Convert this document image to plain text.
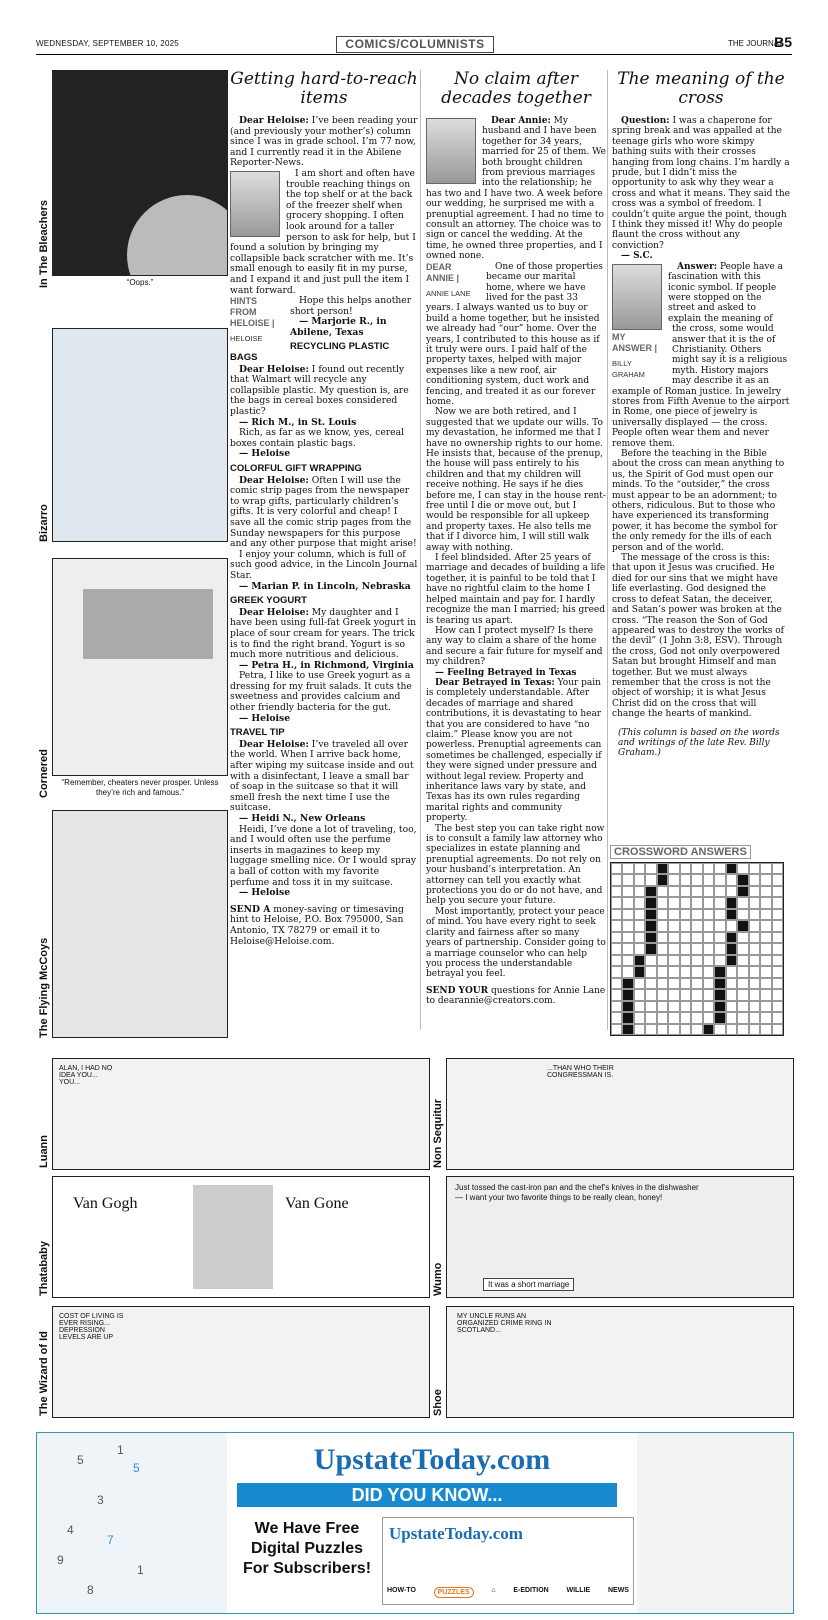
WEDNESDAY, SEPTEMBER 10, 2025	COMICS/COLUMNISTS	THE JOURNAL
B5
In The Bleachers	“Oops.”
Bizarro
Cornered	“Remember, cheaters never prosper. Unless they’re rich and famous.”
The Flying McCoys
Getting hard-to-reach items

Dear Heloise: I’ve been reading your (and previously your mother’s) column since I was in grade school. I’m 77 now, and I currently read it in the Abilene Reporter-News.

I am short and often have trouble reaching things on the top shelf or at the back of the freezer shelf when grocery shopping. I often look around for a taller person to ask for help, but I found a solution by bringing my collapsible back scratcher with me. It’s small enough to easily fit in my purse, and I expand it and just pull the item I want forward.

HINTS FROM HELOISE |
HELOISE

Hope this helps another short person!

— Marjorie R., in Abilene, Texas

RECYCLING PLASTIC BAGS

Dear Heloise: I found out recently that Walmart will recycle any collapsible plastic. My question is, are the bags in cereal boxes considered plastic?

— Rich M., in St. Louis

Rich, as far as we know, yes, cereal boxes contain plastic bags.

— Heloise

COLORFUL GIFT WRAPPING

Dear Heloise: Often I will use the comic strip pages from the newspaper to wrap gifts, particularly children’s gifts. It is very colorful and cheap! I save all the comic strip pages from the Sunday newspapers for this purpose and any other purpose that might arise!

I enjoy your column, which is full of such good advice, in the Lincoln Journal Star.

— Marian P. in Lincoln, Nebraska

GREEK YOGURT

Dear Heloise: My daughter and I have been using full-fat Greek yogurt in place of sour cream for years. The trick is to find the right brand. Yogurt is so much more nutritious and delicious.

— Petra H., in Richmond, Virginia

Petra, I like to use Greek yogurt as a dressing for my fruit salads. It cuts the sweetness and provides calcium and other friendly bacteria for the gut.

— Heloise

TRAVEL TIP

Dear Heloise: I’ve traveled all over the world. When I arrive back home, after wiping my suitcase inside and out with a disinfectant, I leave a small bar of soap in the suitcase so that it will smell fresh the next time I use the suitcase.

— Heidi N., New Orleans

Heidi, I’ve done a lot of traveling, too, and I would often use the perfume inserts in magazines to keep my luggage smelling nice. Or I would spray a ball of cotton with my favorite perfume and toss it in my suitcase.

— Heloise

SEND A money-saving or timesaving hint to Heloise, P.O. Box 795000, San Antonio, TX 78279 or email it to Heloise@Heloise.com.

No claim after decades together

Dear Annie: My husband and I have been together for 34 years, married for 25 of them. We both brought children from previous marriages into the relationship; he has two and I have two. A week before our wedding, he surprised me with a prenuptial agreement. I had no time to consult an attorney. The choice was to sign or cancel the wedding. At the time, he owned three properties, and I owned none.

DEAR ANNIE |
ANNIE LANE

One of those properties became our marital home, where we have lived for the past 33 years. I always wanted us to buy or build a home together, but he insisted we already had “our” home. Over the years, I contributed to this house as if it truly were ours. I paid half of the property taxes, helped with major expenses like a new roof, air conditioning system, duct work and fencing, and treated it as our forever home.

Now we are both retired, and I suggested that we update our wills. To my devastation, he informed me that I have no ownership rights to our home. He insists that, because of the prenup, the house will pass entirely to his children and that my children will receive nothing. He says if he dies before me, I can stay in the house rent-free until I die or move out, but I would be responsible for all upkeep and property taxes. He also tells me that if I divorce him, I will still walk away with nothing.

I feel blindsided. After 25 years of marriage and decades of building a life together, it is painful to be told that I have no rightful claim to the home I helped maintain and pay for. I hardly recognize the man I married; his greed is tearing us apart.

How can I protect myself? Is there any way to claim a share of the home and secure a fair future for myself and my children?

— Feeling Betrayed in Texas

Dear Betrayed in Texas: Your pain is completely understandable. After decades of marriage and shared contributions, it is devastating to hear that you are considered to have “no claim.” Please know you are not powerless. Prenuptial agreements can sometimes be challenged, especially if they were signed under pressure and without legal review. Property and inheritance laws vary by state, and Texas has its own rules regarding marital rights and community property.

The best step you can take right now is to consult a family law attorney who specializes in estate planning and prenuptial agreements. Do not rely on your husband’s interpretation. An attorney can tell you exactly what protections you do or do not have, and help you secure your future.

Most importantly, protect your peace of mind. You have every right to seek clarity and fairness after so many years of partnership. Consider going to a marriage counselor who can help you process the understandable betrayal you feel.

SEND YOUR questions for Annie Lane to dearannie@creators.com.

The meaning of the cross

Question: I was a chaperone for spring break and was appalled at the teenage girls who wore skimpy bathing suits with their crosses hanging from long chains. I’m hardly a prude, but I didn’t miss the opportunity to ask why they wear a cross and what it means. They said the cross was a symbol of freedom. I couldn’t quite argue the point, though I think they missed it! Why do people flaunt the cross without any conviction?

— S.C.

MY ANSWER |
BILLY GRAHAM

Answer: People have a fascination with this iconic symbol. If people were stopped on the street and asked to explain the meaning of the cross, some would answer that it is the of Christianity. Others might say it is a religious myth. History majors may describe it as an example of Roman justice. In jewelry stores from Fifth Avenue to the airport in Rome, one piece of jewelry is universally displayed — the cross. People often wear them and never remove them.

Before the teaching in the Bible about the cross can mean anything to us, the Spirit of God must open our minds. To the “outsider,” the cross must appear to be an adornment; to others, ridiculous. But to those who have experienced its transforming power, it has become the symbol for the only remedy for the ills of each person and of the world.

The message of the cross is this: that upon it Jesus was crucified. He died for our sins that we might have life everlasting. God designed the cross to defeat Satan, the deceiver, and Satan’s power was broken at the cross. “The reason the Son of God appeared was to destroy the works of the devil” (1 John 3:8, ESV). Through the cross, God not only overpowered Satan but brought Himself and man together. But we must always remember that the cross is not the object of worship; it is what Jesus Christ did on the cross that will change the hearts of mankind.

(This column is based on the words and writings of the late Rev. Billy Graham.)

CROSSWORD ANSWERS
ALAN, I HAD NO IDEA YOU... YOU...
Luann
...THAN WHO THEIR CONGRESSMAN IS.
Non Sequitur
Van Gogh	Van Gone
Thatababy
Just tossed the cast-iron pan and the chef’s knives in the dishwasher — I want your two favorite things to be really clean, honey!
It was a short marriage
Wumo
COST OF LIVING IS EVER RISING... DEPRESSION LEVELS ARE UP
The Wizard of Id
MY UNCLE RUNS AN ORGANIZED CRIME RING IN SCOTLAND...
Shoe
5
1
5
3
4
7
9
1
8
UpstateToday.com
DID YOU KNOW...
We Have Free
Digital Puzzles
For Subscribers!
UpstateToday.com
HOW-TO	PUZZLES	⌂	E-EDITION	WILLIE	NEWS
